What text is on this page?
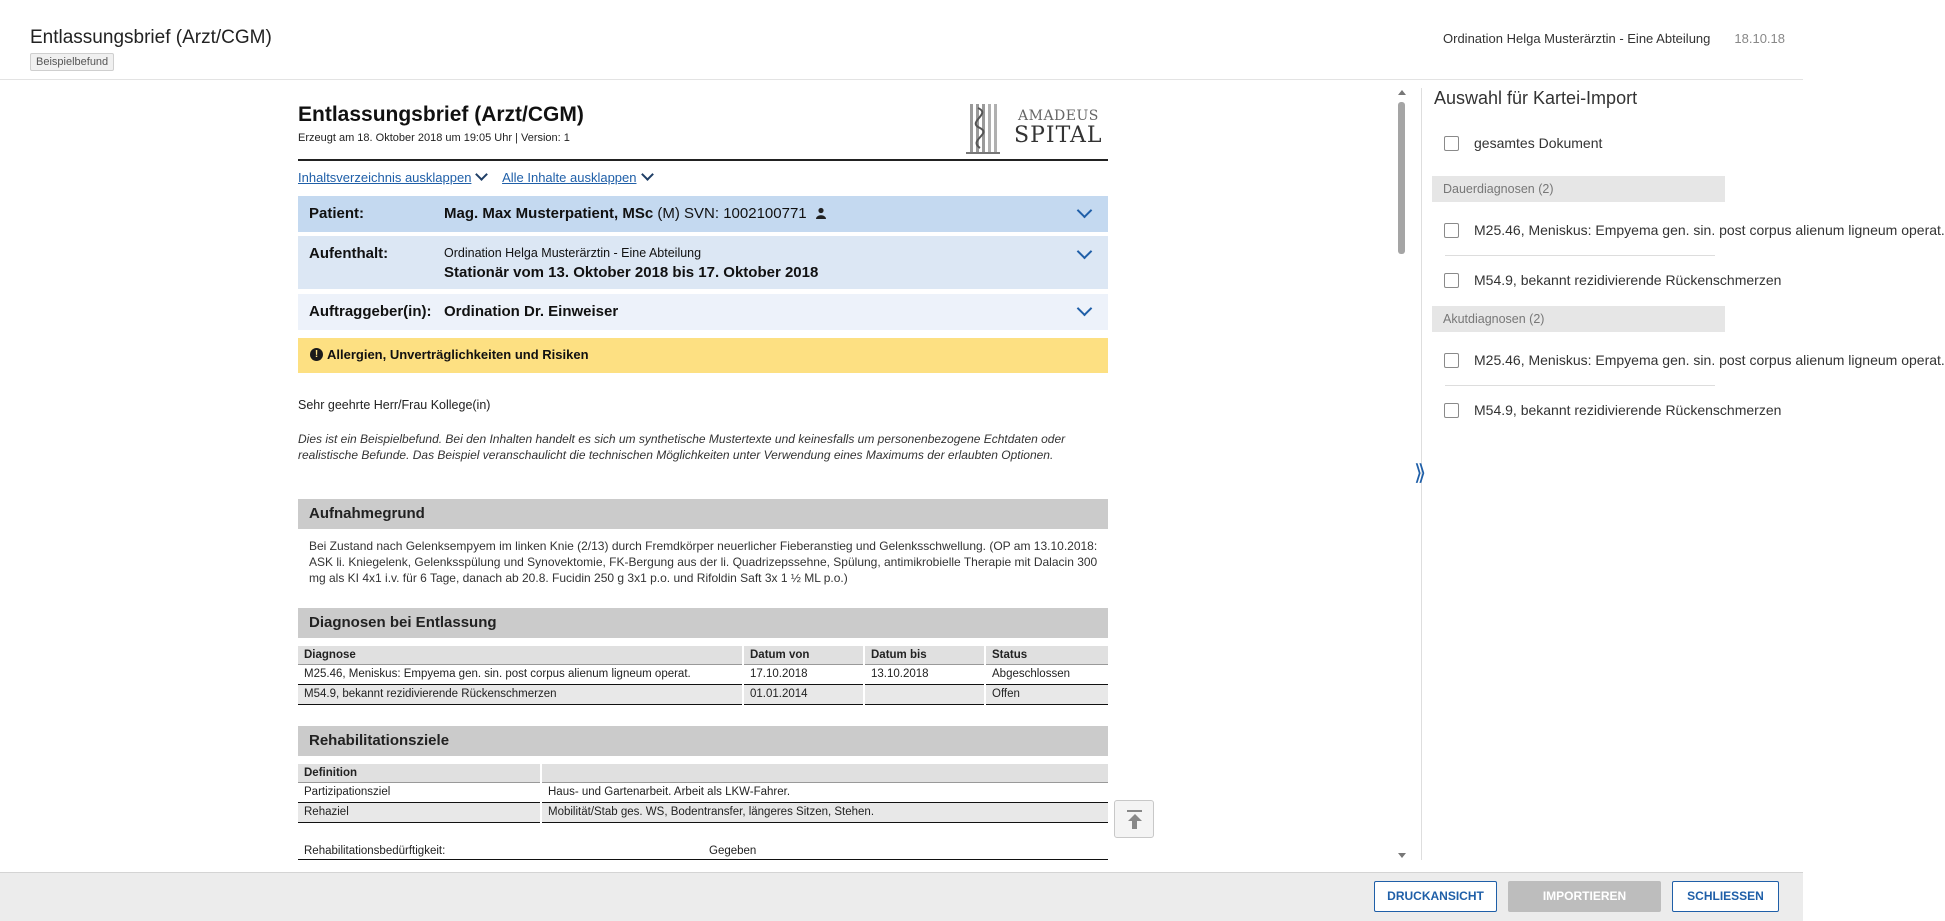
Entlassungsbrief (Arzt/CGM)
Beispielbefund
Ordination Helga Musterärztin - Eine Abteilung 18.10.18
Entlassungsbrief (Arzt/CGM)
Erzeugt am 18. Oktober 2018 um 19:05 Uhr | Version: 1
AMADEUS
SPITAL
Inhaltsverzeichnis ausklappen Alle Inhalte ausklappen
Patient:	Mag. Max Musterpatient, MSc (M) SVN: 1002100771
Aufenthalt:	Ordination Helga Musterärztin - Eine Abteilung
Stationär vom 13. Oktober 2018 bis 17. Oktober 2018
Auftraggeber(in): Ordination Dr. Einweiser
! Allergien, Unverträglichkeiten und Risiken
Sehr geehrte Herr/Frau Kollege(in)
Dies ist ein Beispielbefund. Bei den Inhalten handelt es sich um synthetische Mustertexte und keinesfalls um personenbezogene Echtdaten oder realistische Befunde. Das Beispiel veranschaulicht die technischen Möglichkeiten unter Verwendung eines Maximums der erlaubten Optionen.
Aufnahmegrund
Bei Zustand nach Gelenksempyem im linken Knie (2/13) durch Fremdkörper neuerlicher Fieberanstieg und Gelenksschwellung. (OP am 13.10.2018: ASK li. Kniegelenk, Gelenksspülung und Synovektomie, FK-Bergung aus der li. Quadrizepssehne, Spülung, antimikrobielle Therapie mit Dalacin 300 mg als KI 4x1 i.v. für 6 Tage, danach ab 20.8. Fucidin 250 g 3x1 p.o. und Rifoldin Saft 3x 1 ½ ML p.o.)
Diagnosen bei Entlassung
Diagnose	Datum von	Datum bis	Status
M25.46, Meniskus: Empyema gen. sin. post corpus alienum ligneum operat.	17.10.2018	13.10.2018	Abgeschlossen
M54.9, bekannt rezidivierende Rückenschmerzen	01.01.2014		Offen
Rehabilitationsziele
Definition	
Partizipationsziel	Haus- und Gartenarbeit. Arbeit als LKW-Fahrer.
Rehaziel	Mobilität/Stab ges. WS, Bodentransfer, längeres Sitzen, Stehen.
Rehabilitationsbedürftigkeit:	Gegeben
⟫
Auswahl für Kartei-Import
gesamtes Dokument
Dauerdiagnosen (2)
M25.46, Meniskus: Empyema gen. sin. post corpus alienum ligneum operat.
M54.9, bekannt rezidivierende Rückenschmerzen
Akutdiagnosen (2)
M25.46, Meniskus: Empyema gen. sin. post corpus alienum ligneum operat.
M54.9, bekannt rezidivierende Rückenschmerzen
DRUCKANSICHT	IMPORTIEREN	SCHLIESSEN
